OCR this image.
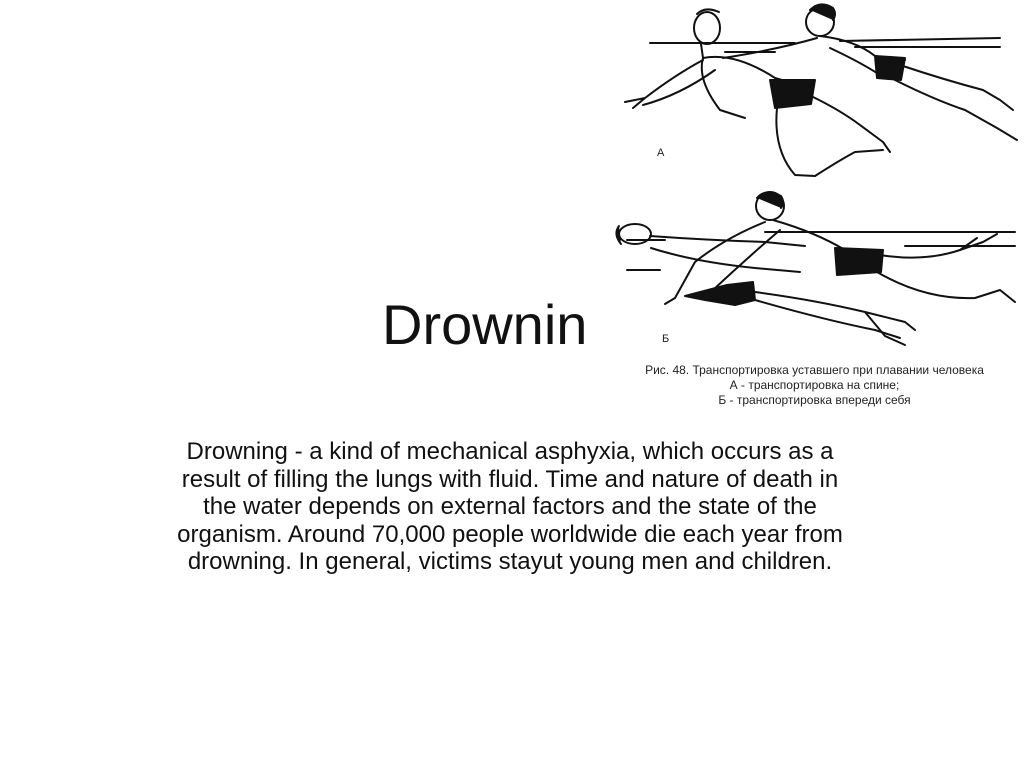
Drownin
А
Б
Рис. 48. Транспортировка уставшего при плавании человека
А - транспортировка на спине;
Б - транспортировка впереди себя
Drowning - a kind of mechanical asphyxia, which occurs as a result of filling the lungs with fluid. Time and nature of death in the water depends on external factors and the state of the organism. Around 70,000 people worldwide die each year from drowning. In general, victims stayut young men and children.
